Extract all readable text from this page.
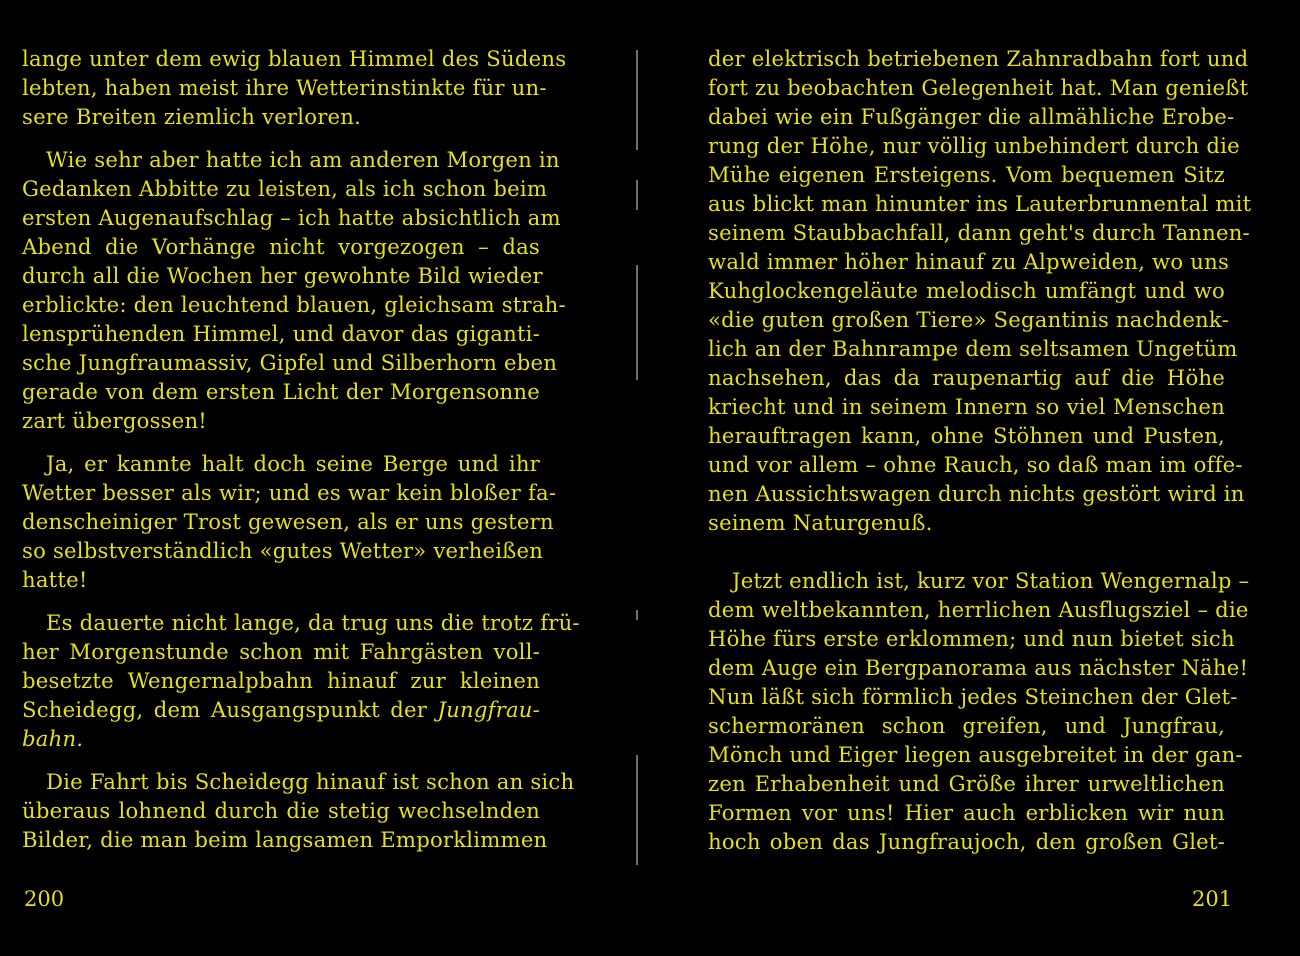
lange unter dem ewig blauen Himmel des Südens
lebten, haben meist ihre Wetterinstinkte für un-
sere Breiten ziemlich verloren.

Wie sehr aber hatte ich am anderen Morgen in
Gedanken Abbitte zu leisten, als ich schon beim
ersten Augenaufschlag – ich hatte absichtlich am
Abend die Vorhänge nicht vorgezogen – das
durch all die Wochen her gewohnte Bild wieder
erblickte: den leuchtend blauen, gleichsam strah-
lensprühenden Himmel, und davor das giganti-
sche Jungfraumassiv, Gipfel und Silberhorn eben
gerade von dem ersten Licht der Morgensonne
zart übergossen!

Ja, er kannte halt doch seine Berge und ihr
Wetter besser als wir; und es war kein bloßer fa-
denscheiniger Trost gewesen, als er uns gestern
so selbstverständlich «gutes Wetter» verheißen
hatte!

Es dauerte nicht lange, da trug uns die trotz frü-
her Morgenstunde schon mit Fahrgästen voll-
besetzte Wengernalpbahn hinauf zur kleinen
Scheidegg, dem Ausgangspunkt der Jungfrau-
bahn.

Die Fahrt bis Scheidegg hinauf ist schon an sich
überaus lohnend durch die stetig wechselnden
Bilder, die man beim langsamen Emporklimmen

200

der elektrisch betriebenen Zahnradbahn fort und
fort zu beobachten Gelegenheit hat. Man genießt
dabei wie ein Fußgänger die allmähliche Erobe-
rung der Höhe, nur völlig unbehindert durch die
Mühe eigenen Ersteigens. Vom bequemen Sitz
aus blickt man hinunter ins Lauterbrunnental mit
seinem Staubbachfall, dann geht's durch Tannen-
wald immer höher hinauf zu Alpweiden, wo uns
Kuhglockengeläute melodisch umfängt und wo
«die guten großen Tiere» Segantinis nachdenk-
lich an der Bahnrampe dem seltsamen Ungetüm
nachsehen, das da raupenartig auf die Höhe
kriecht und in seinem Innern so viel Menschen
herauftragen kann, ohne Stöhnen und Pusten,
und vor allem – ohne Rauch, so daß man im offe-
nen Aussichtswagen durch nichts gestört wird in
seinem Naturgenuß.

Jetzt endlich ist, kurz vor Station Wengernalp –
dem weltbekannten, herrlichen Ausflugsziel – die
Höhe fürs erste erklommen; und nun bietet sich
dem Auge ein Bergpanorama aus nächster Nähe!
Nun läßt sich förmlich jedes Steinchen der Glet-
schermoränen schon greifen, und Jungfrau,
Mönch und Eiger liegen ausgebreitet in der gan-
zen Erhabenheit und Größe ihrer urweltlichen
Formen vor uns! Hier auch erblicken wir nun
hoch oben das Jungfraujoch, den großen Glet-

201
